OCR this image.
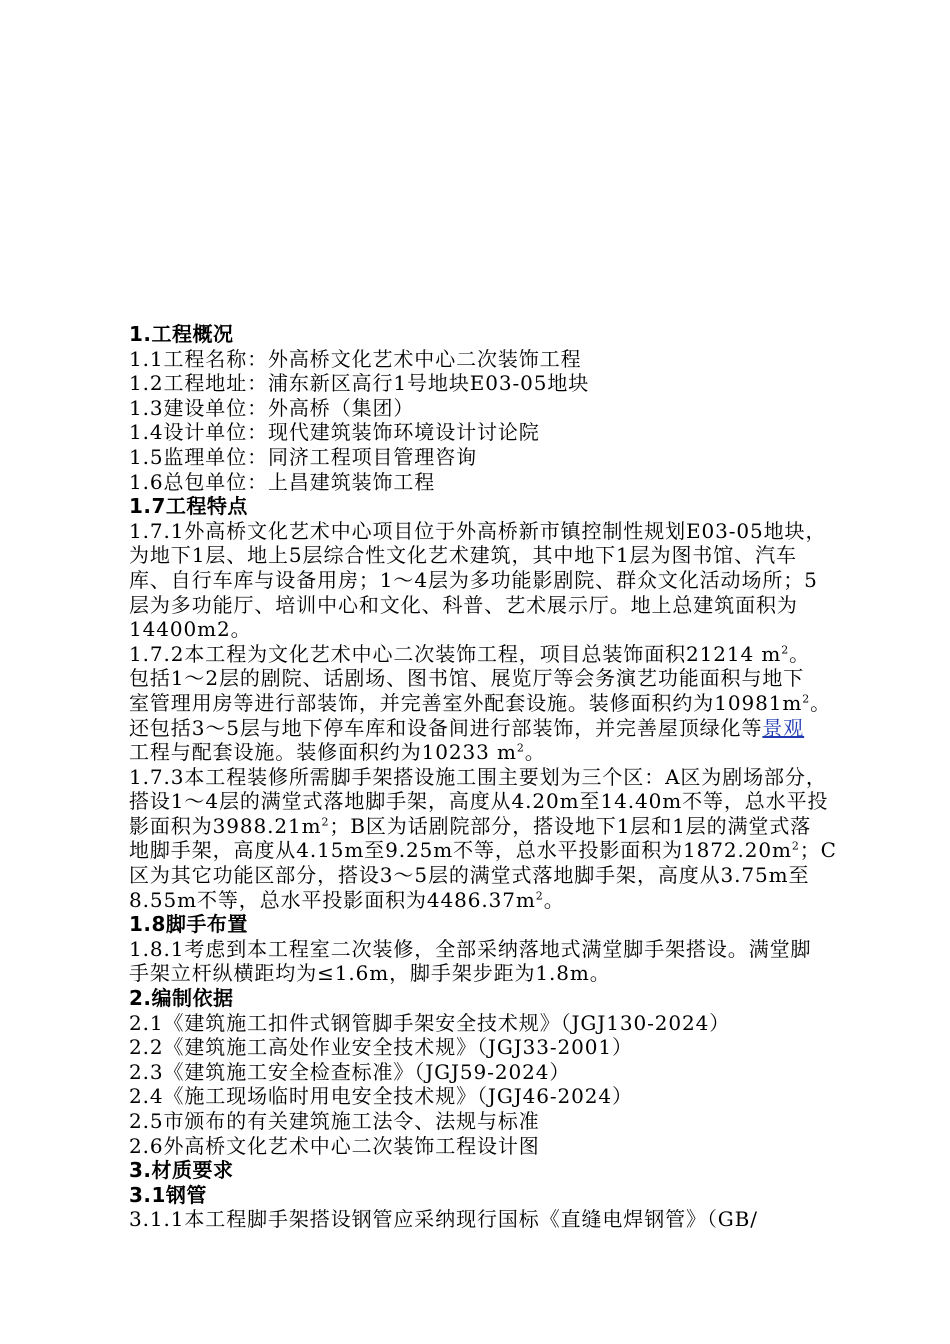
1.工程概况
1.1工程名称：外高桥文化艺术中心二次装饰工程
1.2工程地址：浦东新区高行1号地块E03-05地块
1.3建设单位：外高桥（集团）
1.4设计单位：现代建筑装饰环境设计讨论院
1.5监理单位：同济工程项目管理咨询
1.6总包单位：上昌建筑装饰工程
1.7工程特点
1.7.1外高桥文化艺术中心项目位于外高桥新市镇控制性规划E03-05地块，
为地下1层、地上5层综合性文化艺术建筑，其中地下1层为图书馆、汽车
库、自行车库与设备用房；1～4层为多功能影剧院、群众文化活动场所；5
层为多功能厅、培训中心和文化、科普、艺术展示厅。地上总建筑面积为
14400m2。
1.7.2本工程为文化艺术中心二次装饰工程，项目总装饰面积21214 $m^2$。
包括1～2层的剧院、话剧场、图书馆、展览厅等会务演艺功能面积与地下
室管理用房等进行部装饰，并完善室外配套设施。装修面积约为$10981m^2$。
还包括3～5层与地下停车库和设备间进行部装饰，并完善屋顶绿化等景观
工程与配套设施。装修面积约为10233 $m^2$。
1.7.3本工程装修所需脚手架搭设施工围主要划为三个区：A区为剧场部分，
搭设1～4层的满堂式落地脚手架，高度从4.20m至14.40m不等，总水平投
影面积为$3988.21m^2$；B区为话剧院部分，搭设地下1层和1层的满堂式落
地脚手架，高度从4.15m至9.25m不等，总水平投影面积为$1872.20m^2$；C
区为其它功能区部分，搭设3～5层的满堂式落地脚手架，高度从3.75m至
8.55m不等，总水平投影面积为$4486.37m^2$。
1.8脚手布置
1.8.1考虑到本工程室二次装修，全部采纳落地式满堂脚手架搭设。满堂脚
手架立杆纵横距均为≤1.6m，脚手架步距为1.8m。
2.编制依据
2.1《建筑施工扣件式钢管脚手架安全技术规》（JGJ130-2024）
2.2《建筑施工高处作业安全技术规》（JGJ33-2001）
2.3《建筑施工安全检查标准》（JGJ59-2024）
2.4《施工现场临时用电安全技术规》（JGJ46-2024）
2.5市颁布的有关建筑施工法令、法规与标准
2.6外高桥文化艺术中心二次装饰工程设计图
3.材质要求
3.1钢管
3.1.1本工程脚手架搭设钢管应采纳现行国标《直缝电焊钢管》（GB/
